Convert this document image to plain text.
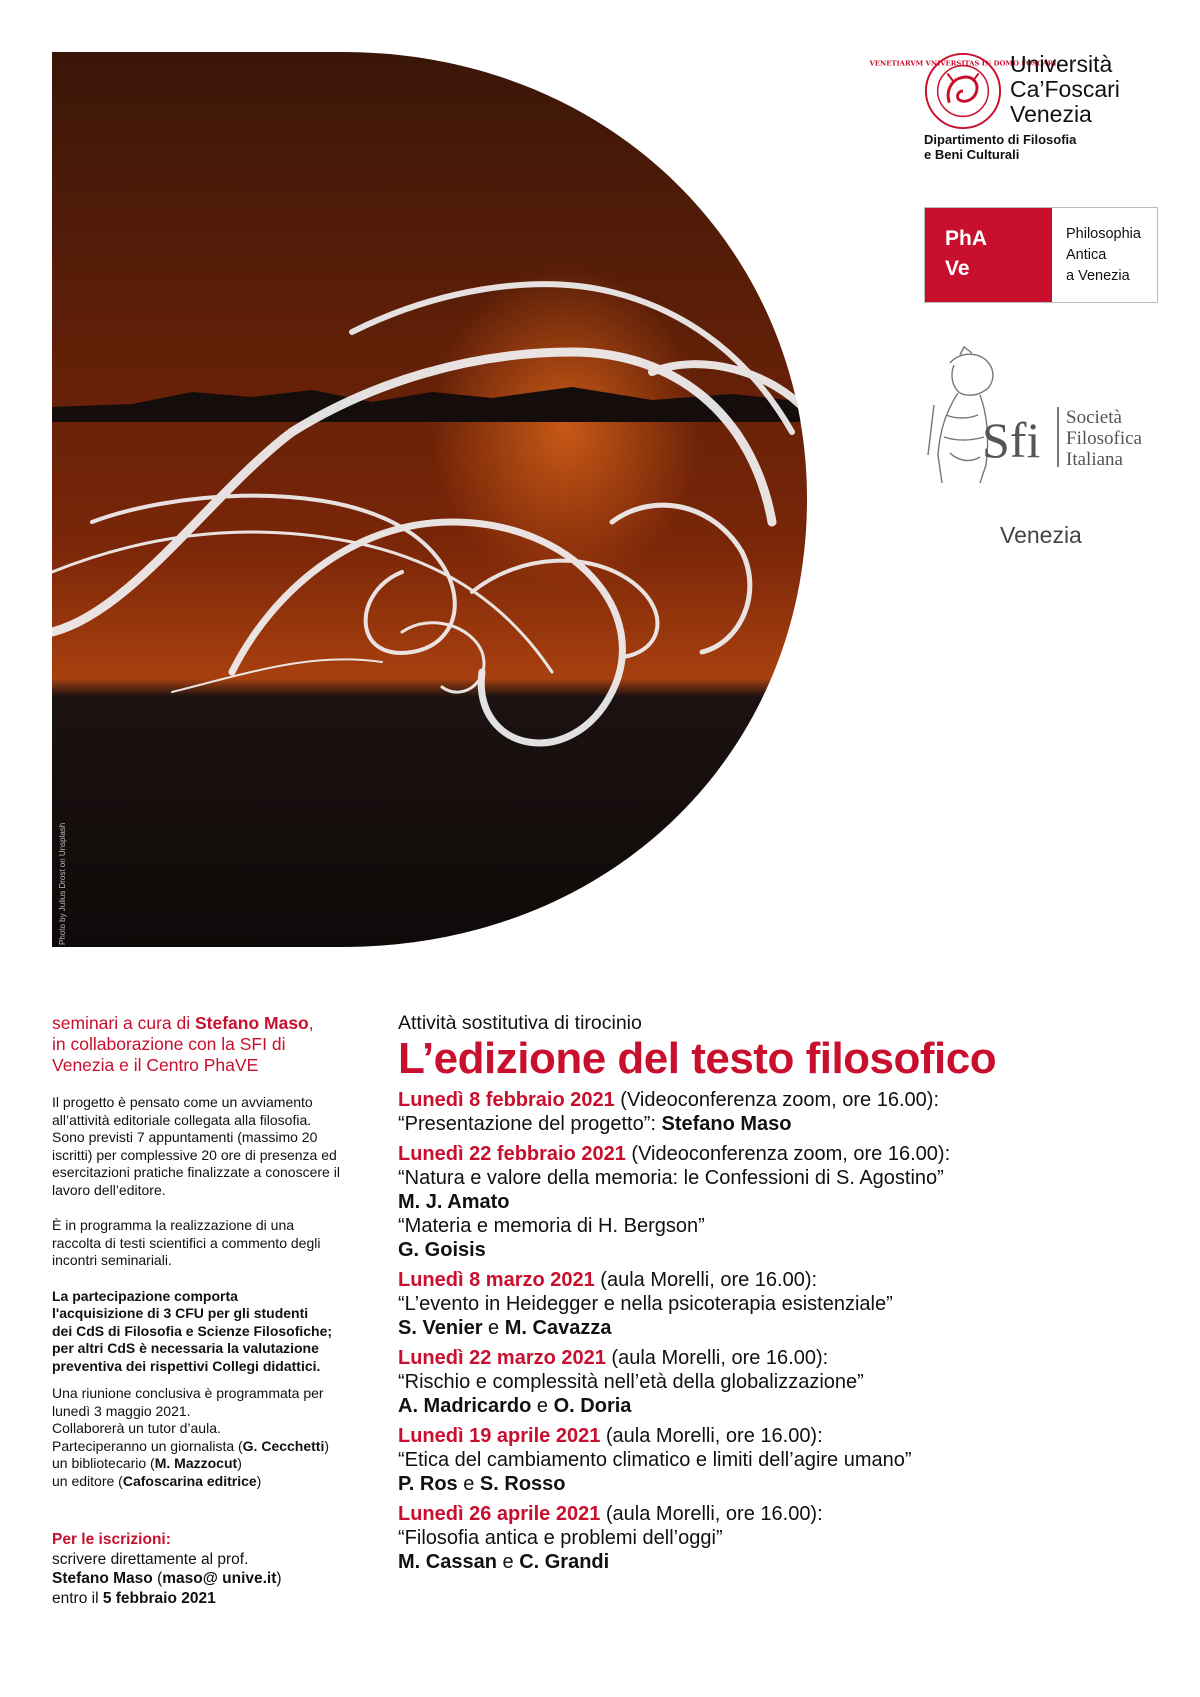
Photo by Julius Drost on Unsplash
VENETIARVM VNIVERSITAS IN DOMO FOSCARI
Università
Ca’Foscari
Venezia
Dipartimento di Filosofia
e Beni Culturali
PhA
Ve
Philosophia
Antica
a Venezia
Sfi Società
Filosofica
Italiana
Venezia
seminari a cura di Stefano Maso,
in collaborazione con la SFI di
Venezia e il Centro PhaVE
Il progetto è pensato come un avviamento
all’attività editoriale collegata alla filosofia.
Sono previsti 7 appuntamenti (massimo 20
iscritti) per complessive 20 ore di presenza ed
esercitazioni pratiche finalizzate a conoscere il
lavoro dell’editore.
È in programma la realizzazione di una
raccolta di testi scientifici a commento degli
incontri seminariali.
La partecipazione comporta
l'acquisizione di 3 CFU per gli studenti
dei CdS di Filosofia e Scienze Filosofiche;
per altri CdS è necessaria la valutazione
preventiva dei rispettivi Collegi didattici.
Una riunione conclusiva è programmata per
lunedì 3 maggio 2021.
Collaborerà un tutor d’aula.
Parteciperanno un giornalista (G. Cecchetti)
un bibliotecario (M. Mazzocut)
un editore (Cafoscarina editrice)
Per le iscrizioni:
scrivere direttamente al prof.
Stefano Maso (maso@ unive.it)
entro il 5 febbraio 2021
Attività sostitutiva di tirocinio
L’edizione del testo filosofico
Lunedì 8 febbraio 2021 (Videoconferenza zoom, ore 16.00):
“Presentazione del progetto”: Stefano Maso
Lunedì 22 febbraio 2021 (Videoconferenza zoom, ore 16.00):
“Natura e valore della memoria: le Confessioni di S. Agostino”
M. J. Amato
“Materia e memoria di H. Bergson”
G. Goisis
Lunedì 8 marzo 2021 (aula Morelli, ore 16.00):
“L’evento in Heidegger e nella psicoterapia esistenziale”
S. Venier e M. Cavazza
Lunedì 22 marzo 2021 (aula Morelli, ore 16.00):
“Rischio e complessità nell’età della globalizzazione”
A. Madricardo e O. Doria
Lunedì 19 aprile 2021 (aula Morelli, ore 16.00):
“Etica del cambiamento climatico e limiti dell’agire umano”
P. Ros e S. Rosso
Lunedì 26 aprile 2021 (aula Morelli, ore 16.00):
“Filosofia antica e problemi dell’oggi”
M. Cassan e C. Grandi
